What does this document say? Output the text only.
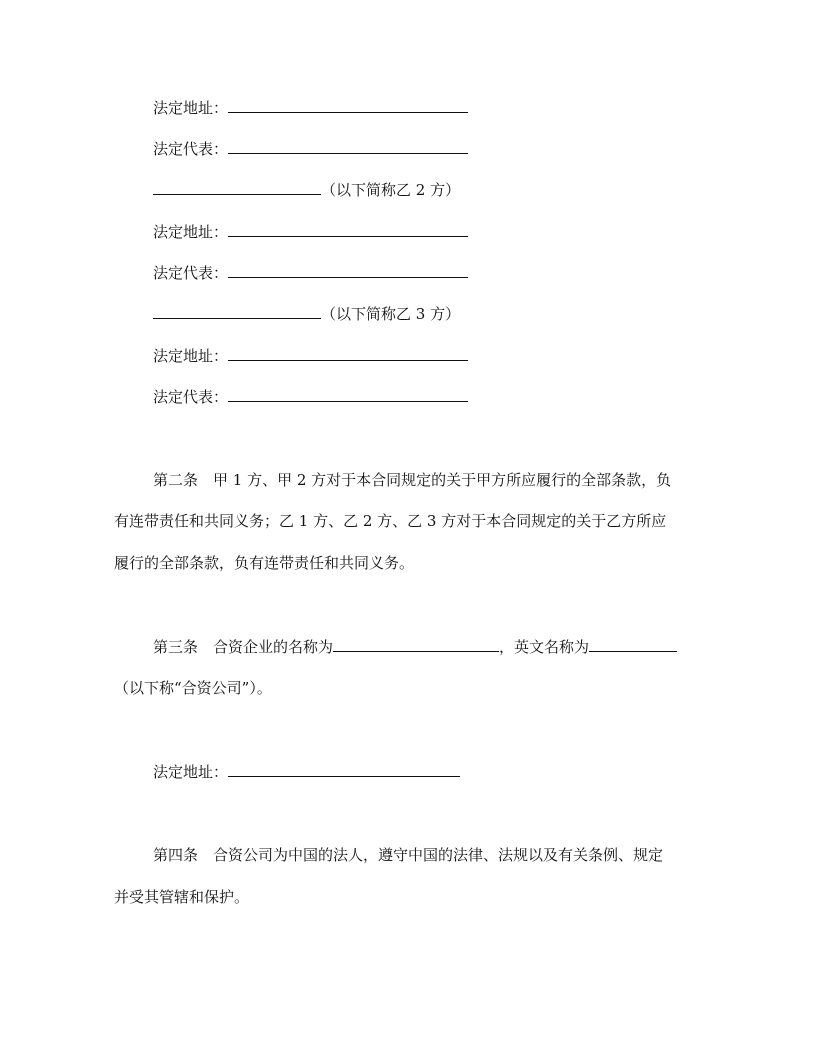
法定地址：
法定代表：
（以下简称乙 2 方）
法定地址：
法定代表：
（以下简称乙 3 方）
法定地址：
法定代表：
第二条　甲 1 方、甲 2 方对于本合同规定的关于甲方所应履行的全部条款，负
有连带责任和共同义务；乙 1 方、乙 2 方、乙 3 方对于本合同规定的关于乙方所应
履行的全部条款，负有连带责任和共同义务。
第三条　合资企业的名称为	，英文名称为
（以下称“合资公司”）。
法定地址：
第四条　合资公司为中国的法人，遵守中国的法律、法规以及有关条例、规定
并受其管辖和保护。
